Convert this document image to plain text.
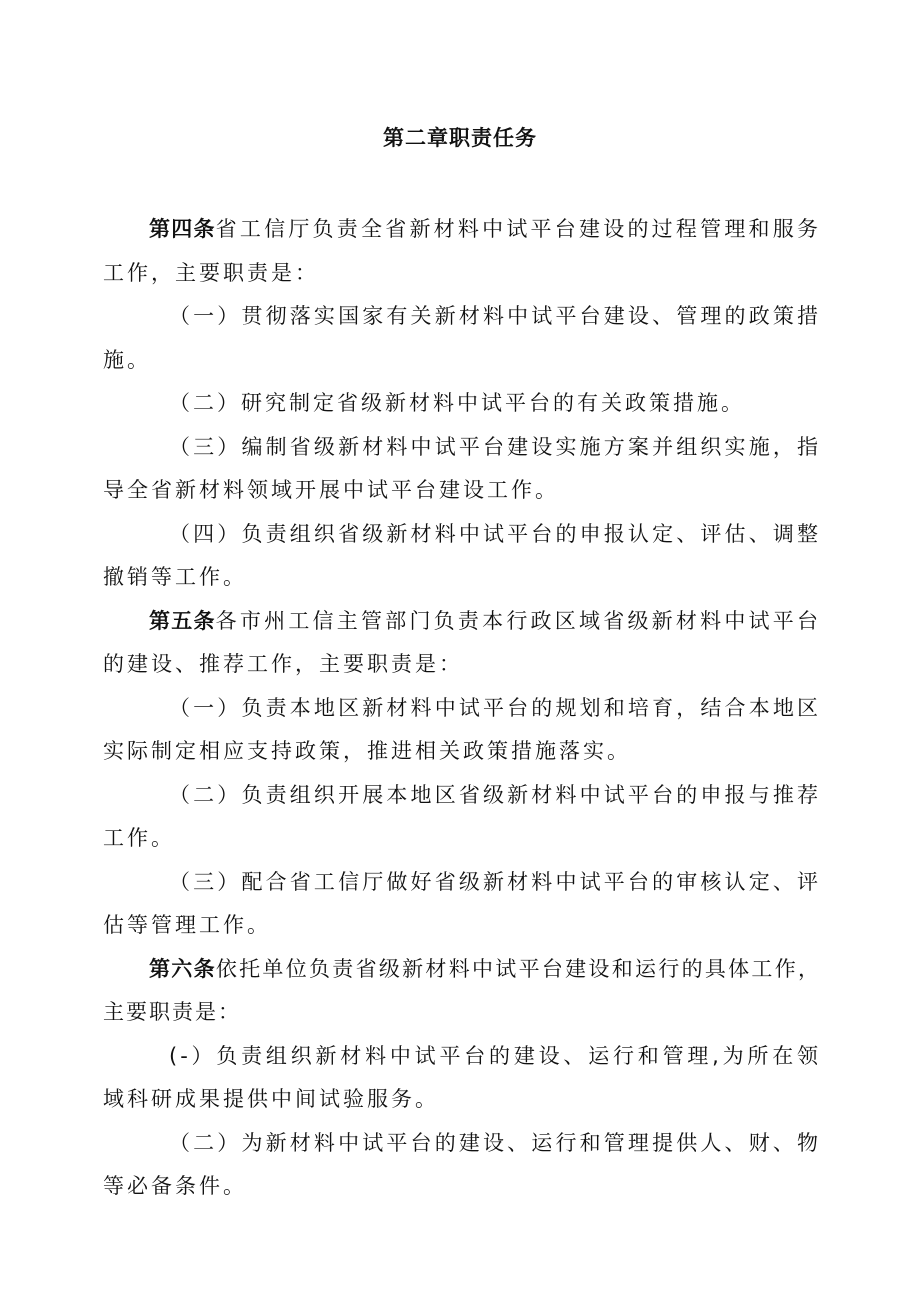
第二章职责任务

第四条省工信厅负责全省新材料中试平台建设的过程管理和服务工作，主要职责是：

（一）贯彻落实国家有关新材料中试平台建设、管理的政策措施。

（二）研究制定省级新材料中试平台的有关政策措施。

（三）编制省级新材料中试平台建设实施方案并组织实施，指导全省新材料领域开展中试平台建设工作。

（四）负责组织省级新材料中试平台的申报认定、评估、调整撤销等工作。

第五条各市州工信主管部门负责本行政区域省级新材料中试平台的建设、推荐工作，主要职责是：

（一）负责本地区新材料中试平台的规划和培育，结合本地区实际制定相应支持政策，推进相关政策措施落实。

（二）负责组织开展本地区省级新材料中试平台的申报与推荐工作。

（三）配合省工信厅做好省级新材料中试平台的审核认定、评估等管理工作。

第六条依托单位负责省级新材料中试平台建设和运行的具体工作，主要职责是：

(-）负责组织新材料中试平台的建设、运行和管理,为所在领域科研成果提供中间试验服务。

（二）为新材料中试平台的建设、运行和管理提供人、财、物等必备条件。
